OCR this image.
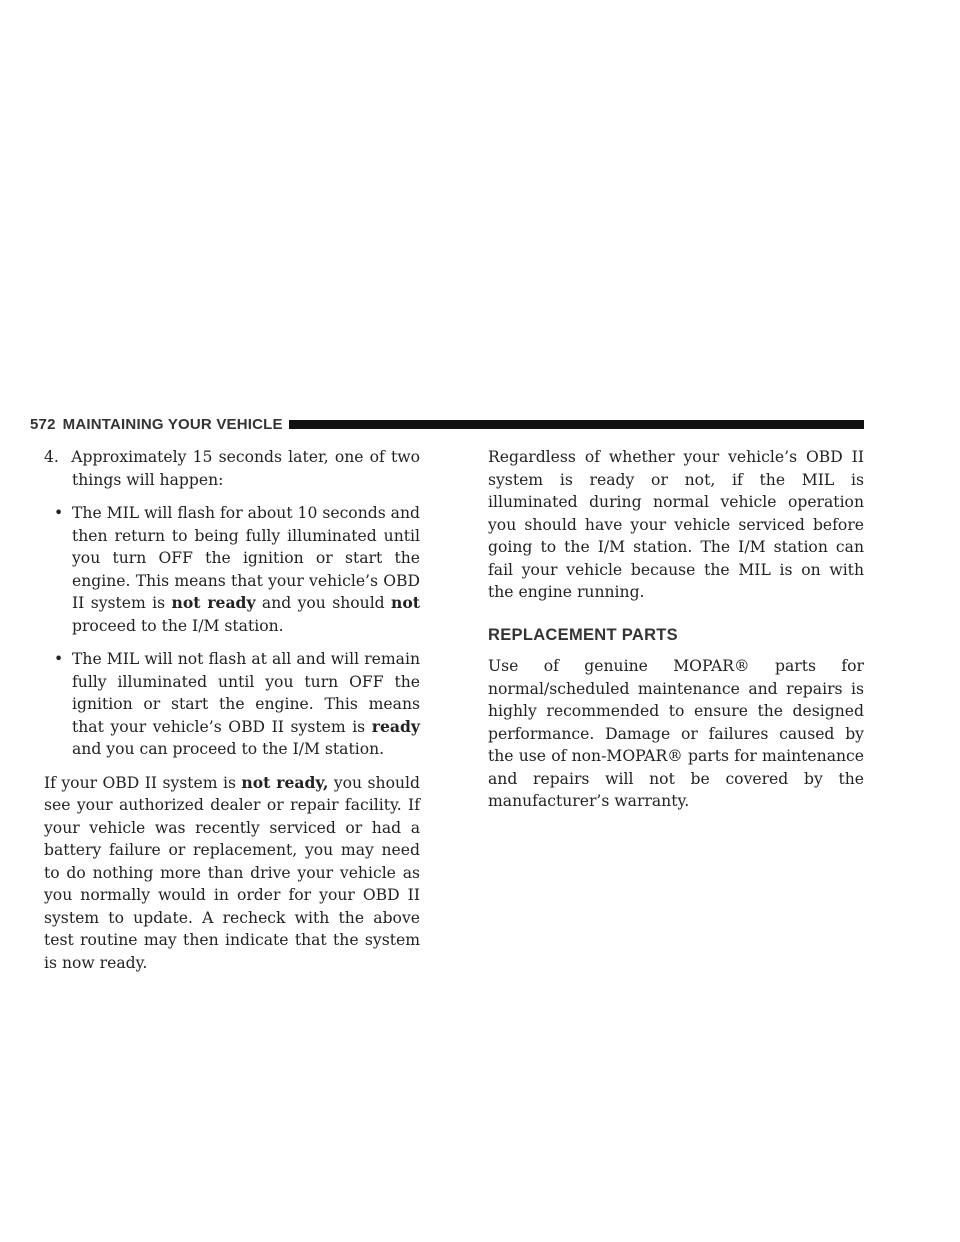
572 MAINTAINING YOUR VEHICLE

4. Approximately 15 seconds later, one of two things will happen:

• The MIL will flash for about 10 seconds and then return to being fully illuminated until you turn OFF the ignition or start the engine. This means that your vehicle’s OBD II system is not ready and you should not proceed to the I/M station.

• The MIL will not flash at all and will remain fully illuminated until you turn OFF the ignition or start the engine. This means that your vehicle’s OBD II system is ready and you can proceed to the I/M station.

If your OBD II system is not ready, you should see your authorized dealer or repair facility. If your vehicle was recently serviced or had a battery failure or replacement, you may need to do nothing more than drive your vehicle as you normally would in order for your OBD II system to update. A recheck with the above test routine may then indicate that the system is now ready.

Regardless of whether your vehicle’s OBD II system is ready or not, if the MIL is illuminated during normal vehicle operation you should have your vehicle serviced before going to the I/M station. The I/M station can fail your vehicle because the MIL is on with the engine running.

REPLACEMENT PARTS

Use of genuine MOPAR® parts for normal/scheduled maintenance and repairs is highly recommended to ensure the designed performance. Damage or failures caused by the use of non-MOPAR® parts for maintenance and repairs will not be covered by the manufacturer’s warranty.
